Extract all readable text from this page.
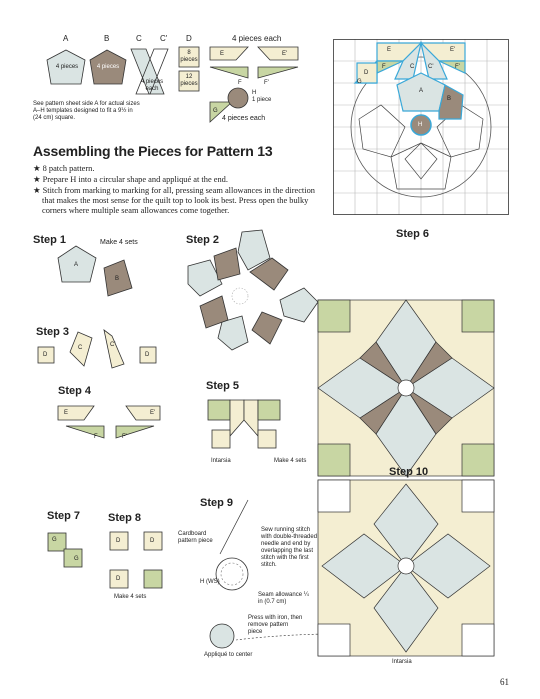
A	B	C C' D
4 pieces	4 pieces
4 pieces each
8 pieces
12 pieces
4 pieces each
E	E'
F	F'
G
4 pieces each
H
1 piece
See pattern sheet side A for actual sizes A–H templates designed to fit a 9½ in (24 cm) square.
E	E'
F	F'
D
C C'
G
A
B
H
Assembling the Pieces for Pattern 13
★ 8 patch pattern.
★ Prepare H into a circular shape and appliqué at the end.
★ Stitch from marking to marking for all, pressing seam allowances in the direction that makes the most sense for the quilt top to look its best. Press open the bulky corners where multiple seam allowances come together.
Step 1	Make 4 sets
A
B
Step 2
Step 3
D
C	C'
D
Step 4
E	E'
F	F'
Step 5
Intarsia	Make 4 sets
Step 6
Step 7
G
G
Step 8
D	D
D
Make 4 sets
Step 9
Cardboard pattern piece
H (WS)
Sew running stitch with double-threaded needle and end by overlapping the last stitch with the first stitch.
Seam allowance ¼ in (0.7 cm)
Press with iron, then remove pattern piece
Appliqué to center
Step 10
Intarsia
61
